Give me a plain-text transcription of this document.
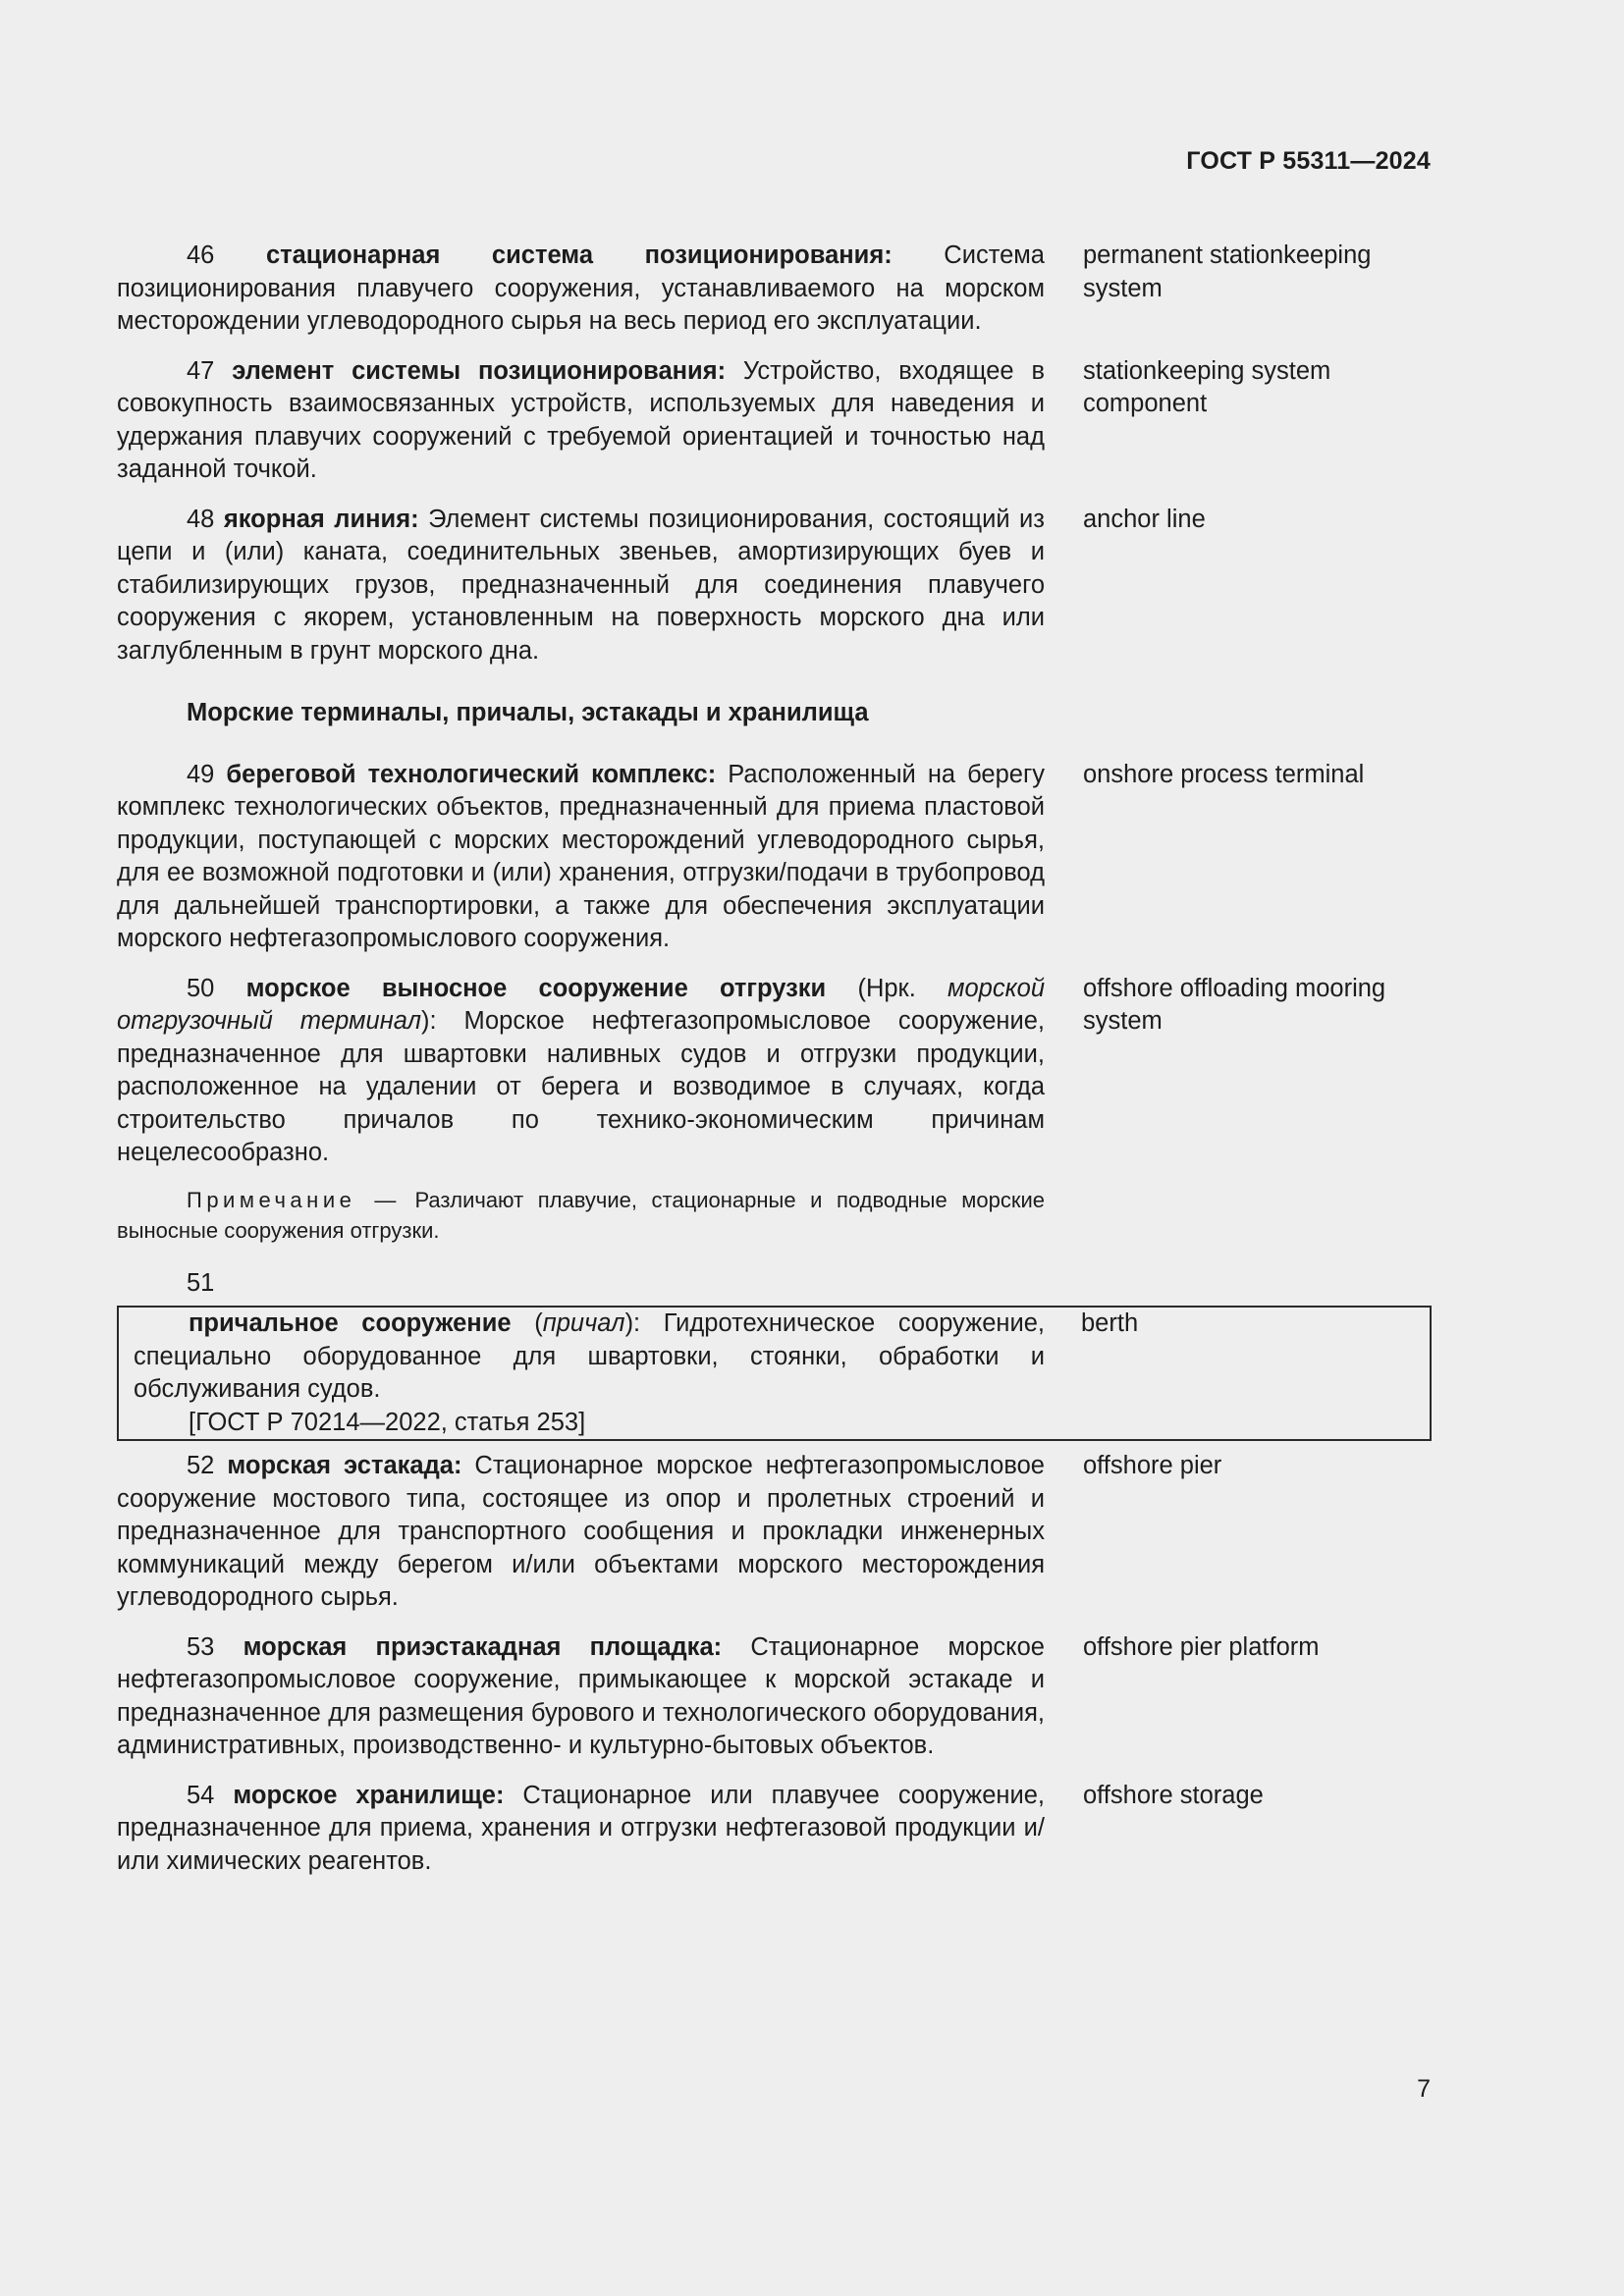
ГОСТ Р 55311—2024
46 стационарная система позиционирования: Система позиционирования плавучего сооружения, устанавливаемого на морском месторождении углеводородного сырья на весь период его эксплуатации.
permanent stationkeeping system
47 элемент системы позиционирования: Устройство, входящее в совокупность взаимосвязанных устройств, используемых для наведения и удержания плавучих сооружений с требуемой ориентацией и точностью над заданной точкой.
stationkeeping system component
48 якорная линия: Элемент системы позиционирования, состоящий из цепи и (или) каната, соединительных звеньев, амортизирующих буев и стабилизирующих грузов, предназначенный для соединения плавучего сооружения с якорем, установленным на поверхность морского дна или заглубленным в грунт морского дна.
anchor line
Морские терминалы, причалы, эстакады и хранилища
49 береговой технологический комплекс: Расположенный на берегу комплекс технологических объектов, предназначенный для приема пластовой продукции, поступающей с морских месторождений углеводородного сырья, для ее возможной подготовки и (или) хранения, отгрузки/подачи в трубопровод для дальнейшей транспортировки, а также для обеспечения эксплуатации морского нефтегазопромыслового сооружения.
onshore process terminal
50 морское выносное сооружение отгрузки (Нрк. морской отгрузочный терминал): Морское нефтегазопромысловое сооружение, предназначенное для швартовки наливных судов и отгрузки продукции, расположенное на удалении от берега и возводимое в случаях, когда строительство причалов по технико-экономическим причинам нецелесообразно.
offshore offloading mooring system
Примечание — Различают плавучие, стационарные и подводные морские выносные сооружения отгрузки.
51
причальное сооружение (причал): Гидротехническое сооружение, специально оборудованное для швартовки, стоянки, обработки и обслуживания судов.
[ГОСТ Р 70214—2022, статья 253]
berth
52 морская эстакада: Стационарное морское нефтегазопромысловое сооружение мостового типа, состоящее из опор и пролетных строений и предназначенное для транспортного сообщения и прокладки инженерных коммуникаций между берегом и/или объектами морского месторождения углеводородного сырья.
offshore pier
53 морская приэстакадная площадка: Стационарное морское нефтегазопромысловое сооружение, примыкающее к морской эстакаде и предназначенное для размещения бурового и технологического оборудования, административных, производственно- и культурно-бытовых объектов.
offshore pier platform
54 морское хранилище: Стационарное или плавучее сооружение, предназначенное для приема, хранения и отгрузки нефтегазовой продукции и/или химических реагентов.
offshore storage
7
